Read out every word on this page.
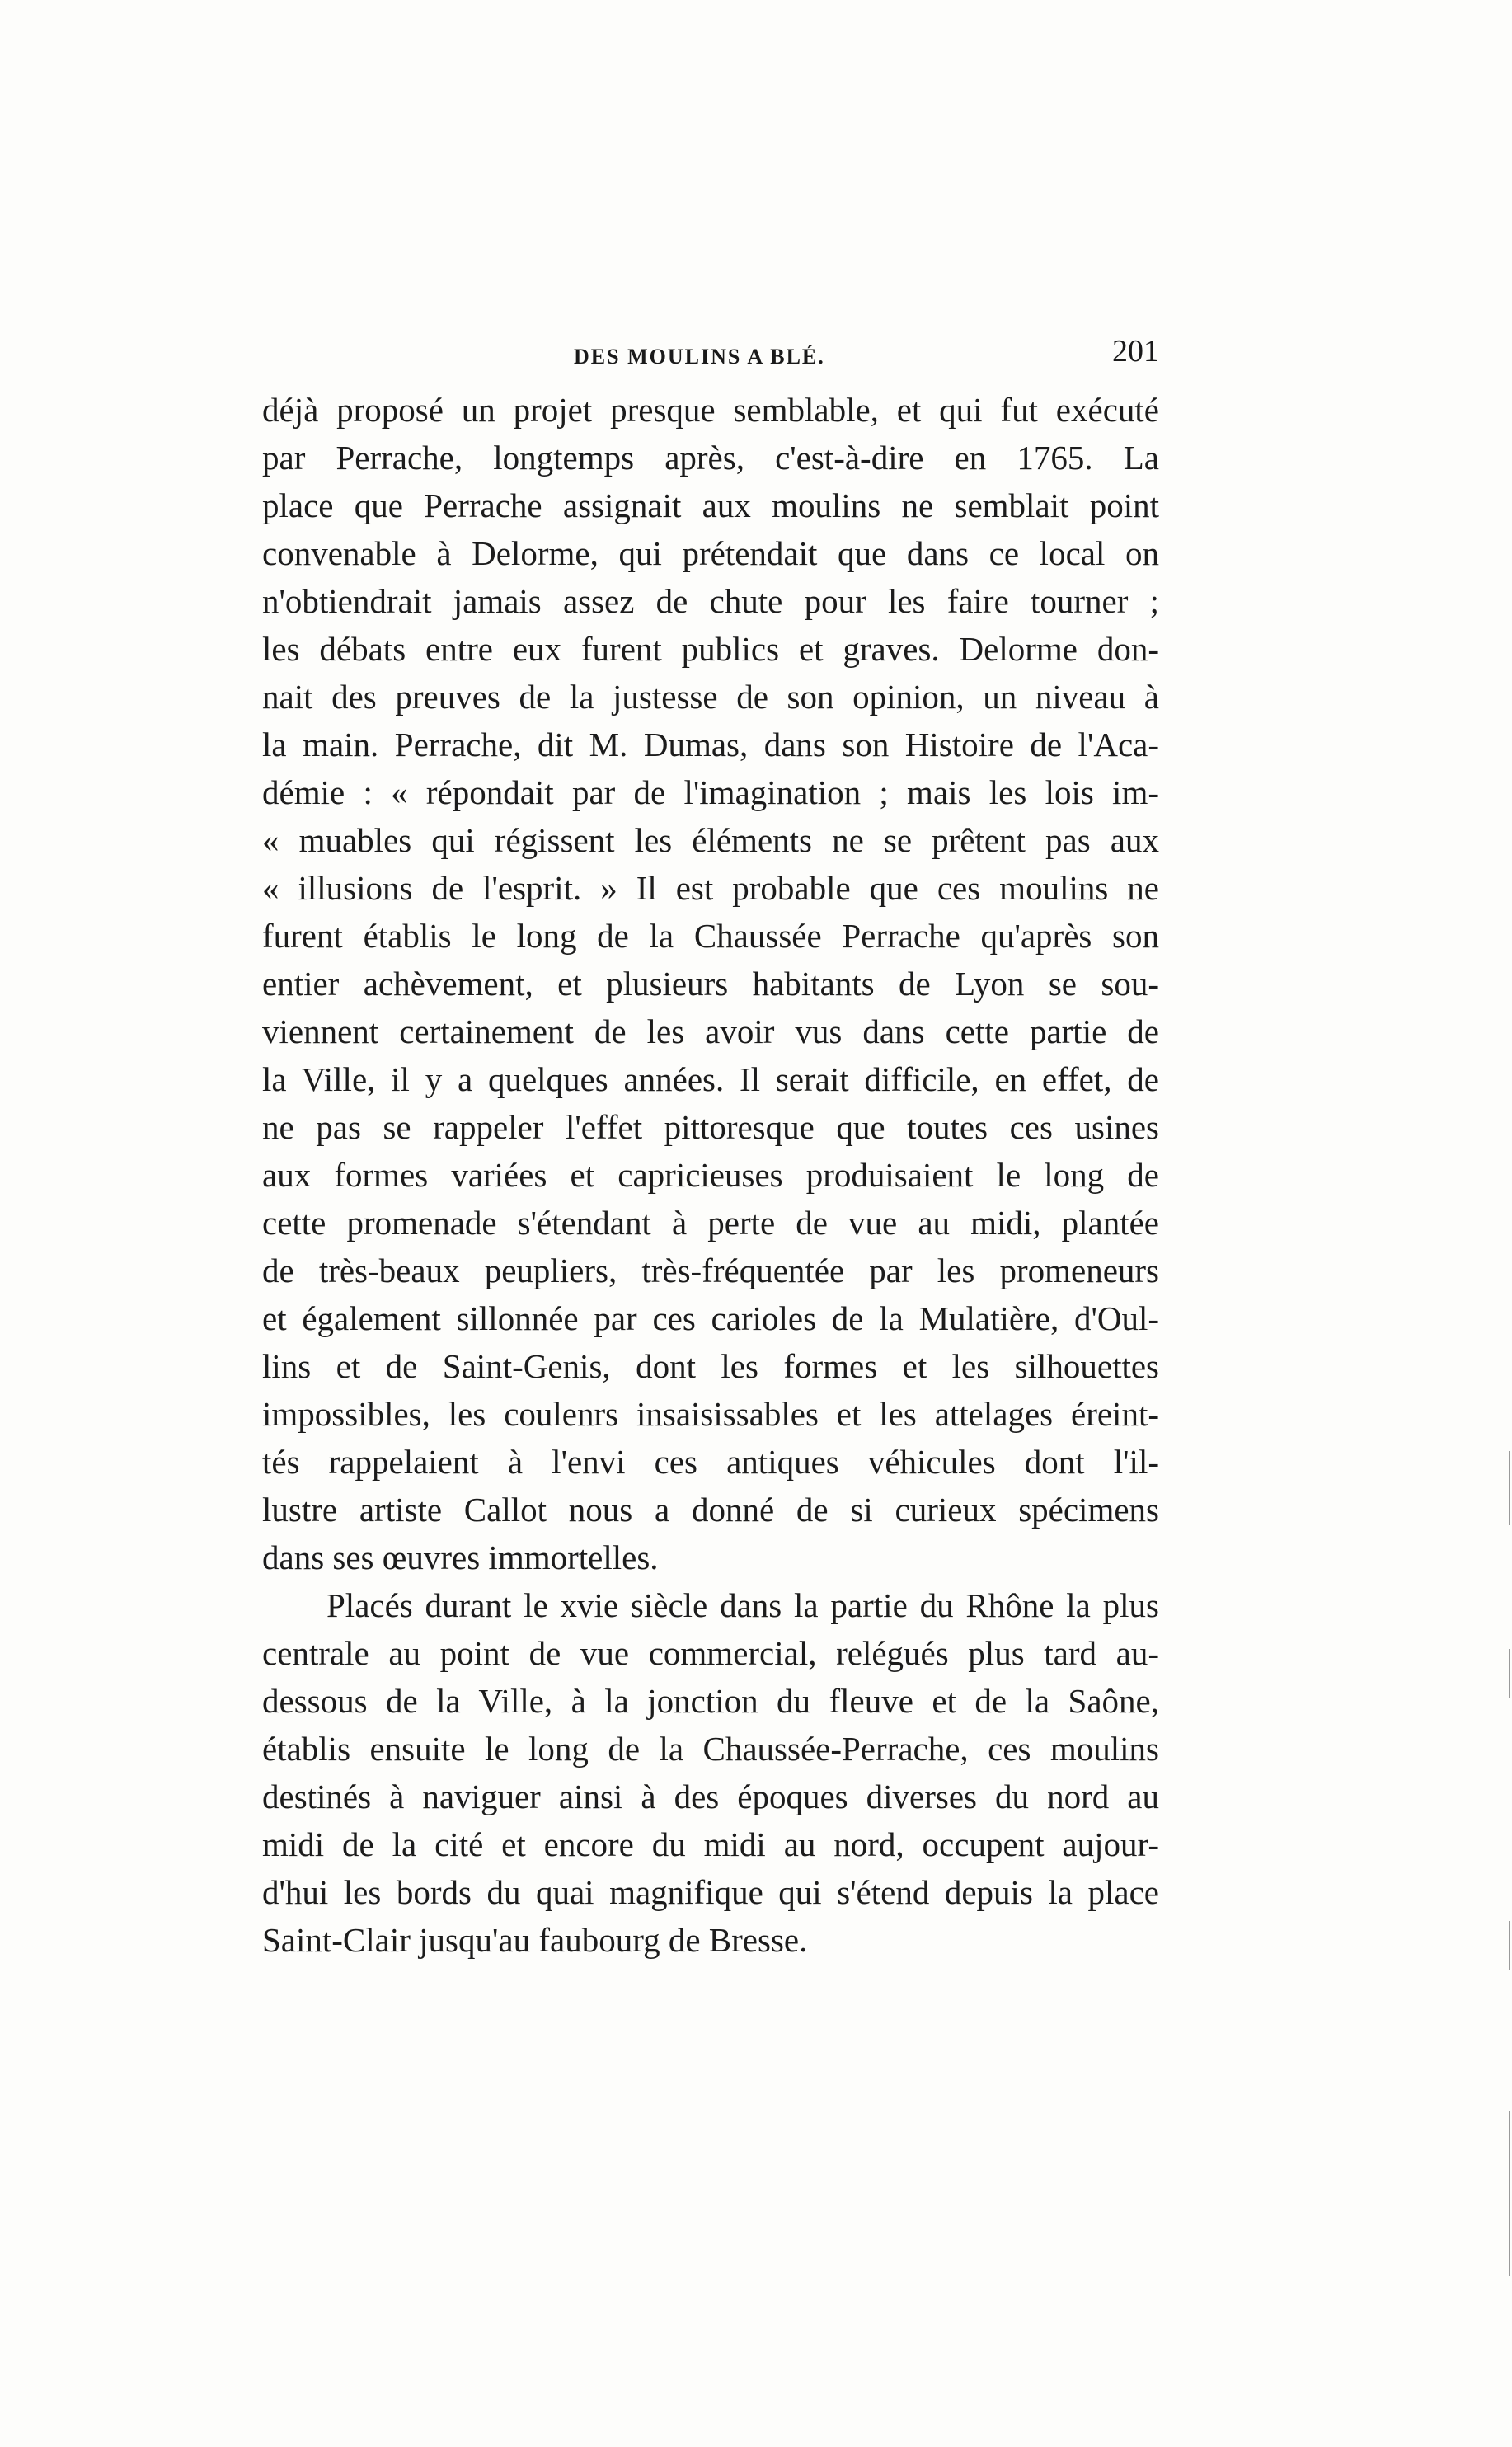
DES MOULINS A BLÉ.	201
déjà proposé un projet presque semblable, et qui fut exécuté
par Perrache, longtemps après, c'est-à-dire en 1765. La
place que Perrache assignait aux moulins ne semblait point
convenable à Delorme, qui prétendait que dans ce local on
n'obtiendrait jamais assez de chute pour les faire tourner ;
les débats entre eux furent publics et graves. Delorme don-
nait des preuves de la justesse de son opinion, un niveau à
la main. Perrache, dit M. Dumas, dans son Histoire de l'Aca-
démie : « répondait par de l'imagination ; mais les lois im-
« muables qui régissent les éléments ne se prêtent pas aux
« illusions de l'esprit. » Il est probable que ces moulins ne
furent établis le long de la Chaussée Perrache qu'après son
entier achèvement, et plusieurs habitants de Lyon se sou-
viennent certainement de les avoir vus dans cette partie de
la Ville, il y a quelques années. Il serait difficile, en effet, de
ne pas se rappeler l'effet pittoresque que toutes ces usines
aux formes variées et capricieuses produisaient le long de
cette promenade s'étendant à perte de vue au midi, plantée
de très-beaux peupliers, très-fréquentée par les promeneurs
et également sillonnée par ces carioles de la Mulatière, d'Oul-
lins et de Saint-Genis, dont les formes et les silhouettes
impossibles, les coulenrs insaisissables et les attelages éreint-
tés rappelaient à l'envi ces antiques véhicules dont l'il-
lustre artiste Callot nous a donné de si curieux spécimens
dans ses œuvres immortelles.
Placés durant le xvie siècle dans la partie du Rhône la plus
centrale au point de vue commercial, relégués plus tard au-
dessous de la Ville, à la jonction du fleuve et de la Saône,
établis ensuite le long de la Chaussée-Perrache, ces moulins
destinés à naviguer ainsi à des époques diverses du nord au
midi de la cité et encore du midi au nord, occupent aujour-
d'hui les bords du quai magnifique qui s'étend depuis la place
Saint-Clair jusqu'au faubourg de Bresse.
